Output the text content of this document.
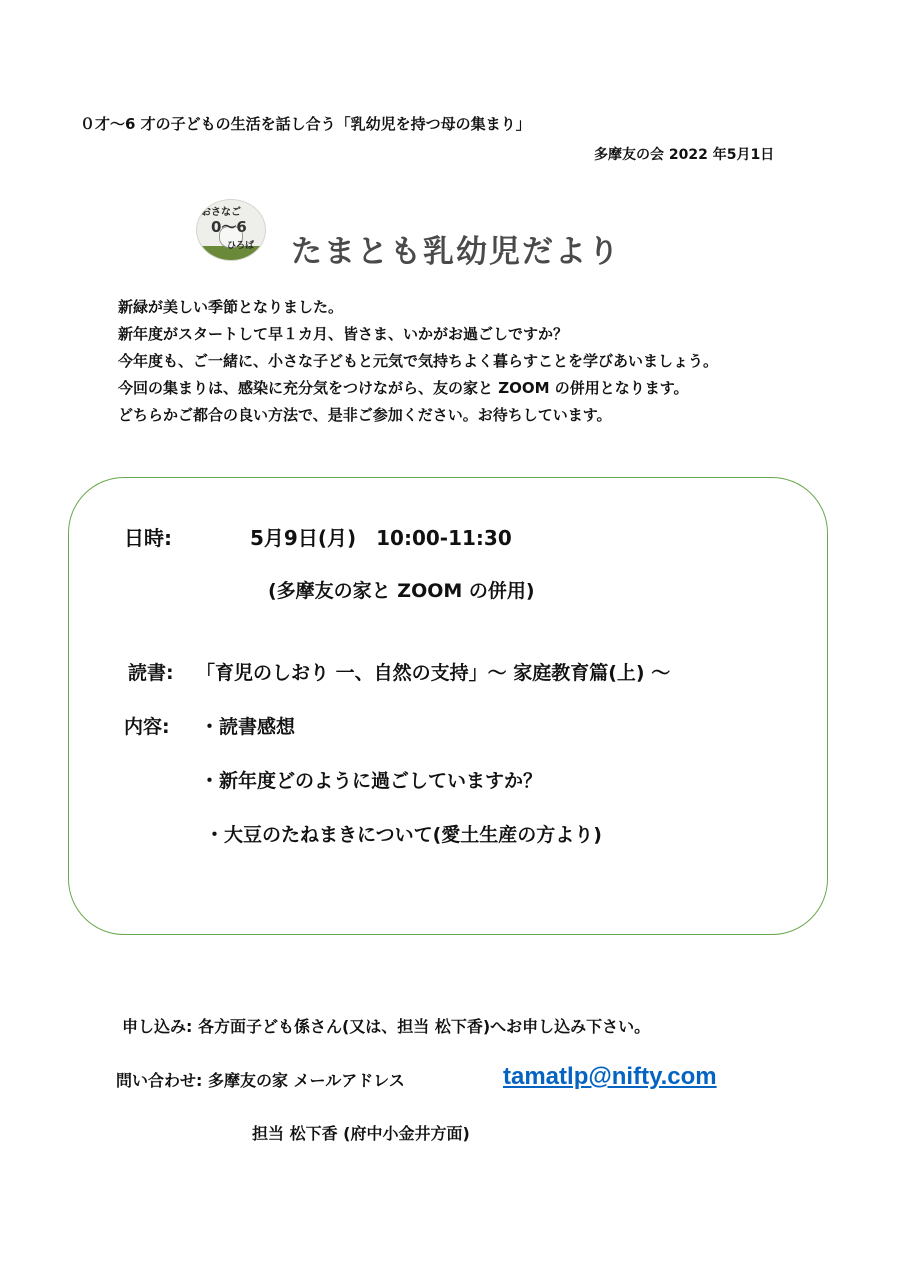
０才～6 才の子どもの生活を話し合う「乳幼児を持つ母の集まり」
多摩友の会 2022 年5月1日
おさなご
0〜6
ひろば たまとも乳幼児だより
新緑が美しい季節となりました。
新年度がスタートして早１カ月、皆さま、いかがお過ごしですか？
今年度も、ご一緒に、小さな子どもと元気で気持ちよく暮らすことを学びあいましょう。
今回の集まりは、感染に充分気をつけながら、友の家と ZOOM の併用となります。
どちらかご都合の良い方法で、是非ご参加ください。お待ちしています。
日時:	5月9日(月)　10:00-11:30
(多摩友の家と ZOOM の併用)
読書: 「育児のしおり 一、自然の支持」～ 家庭教育篇(上) ～
内容: ・読書感想
・新年度どのように過ごしていますか？
・大豆のたねまきについて(愛土生産の方より)
申し込み: 各方面子ども係さん(又は、担当 松下香)へお申し込み下さい。
問い合わせ: 多摩友の家 メールアドレス	tamatlp@nifty.com
担当 松下香 (府中小金井方面)
